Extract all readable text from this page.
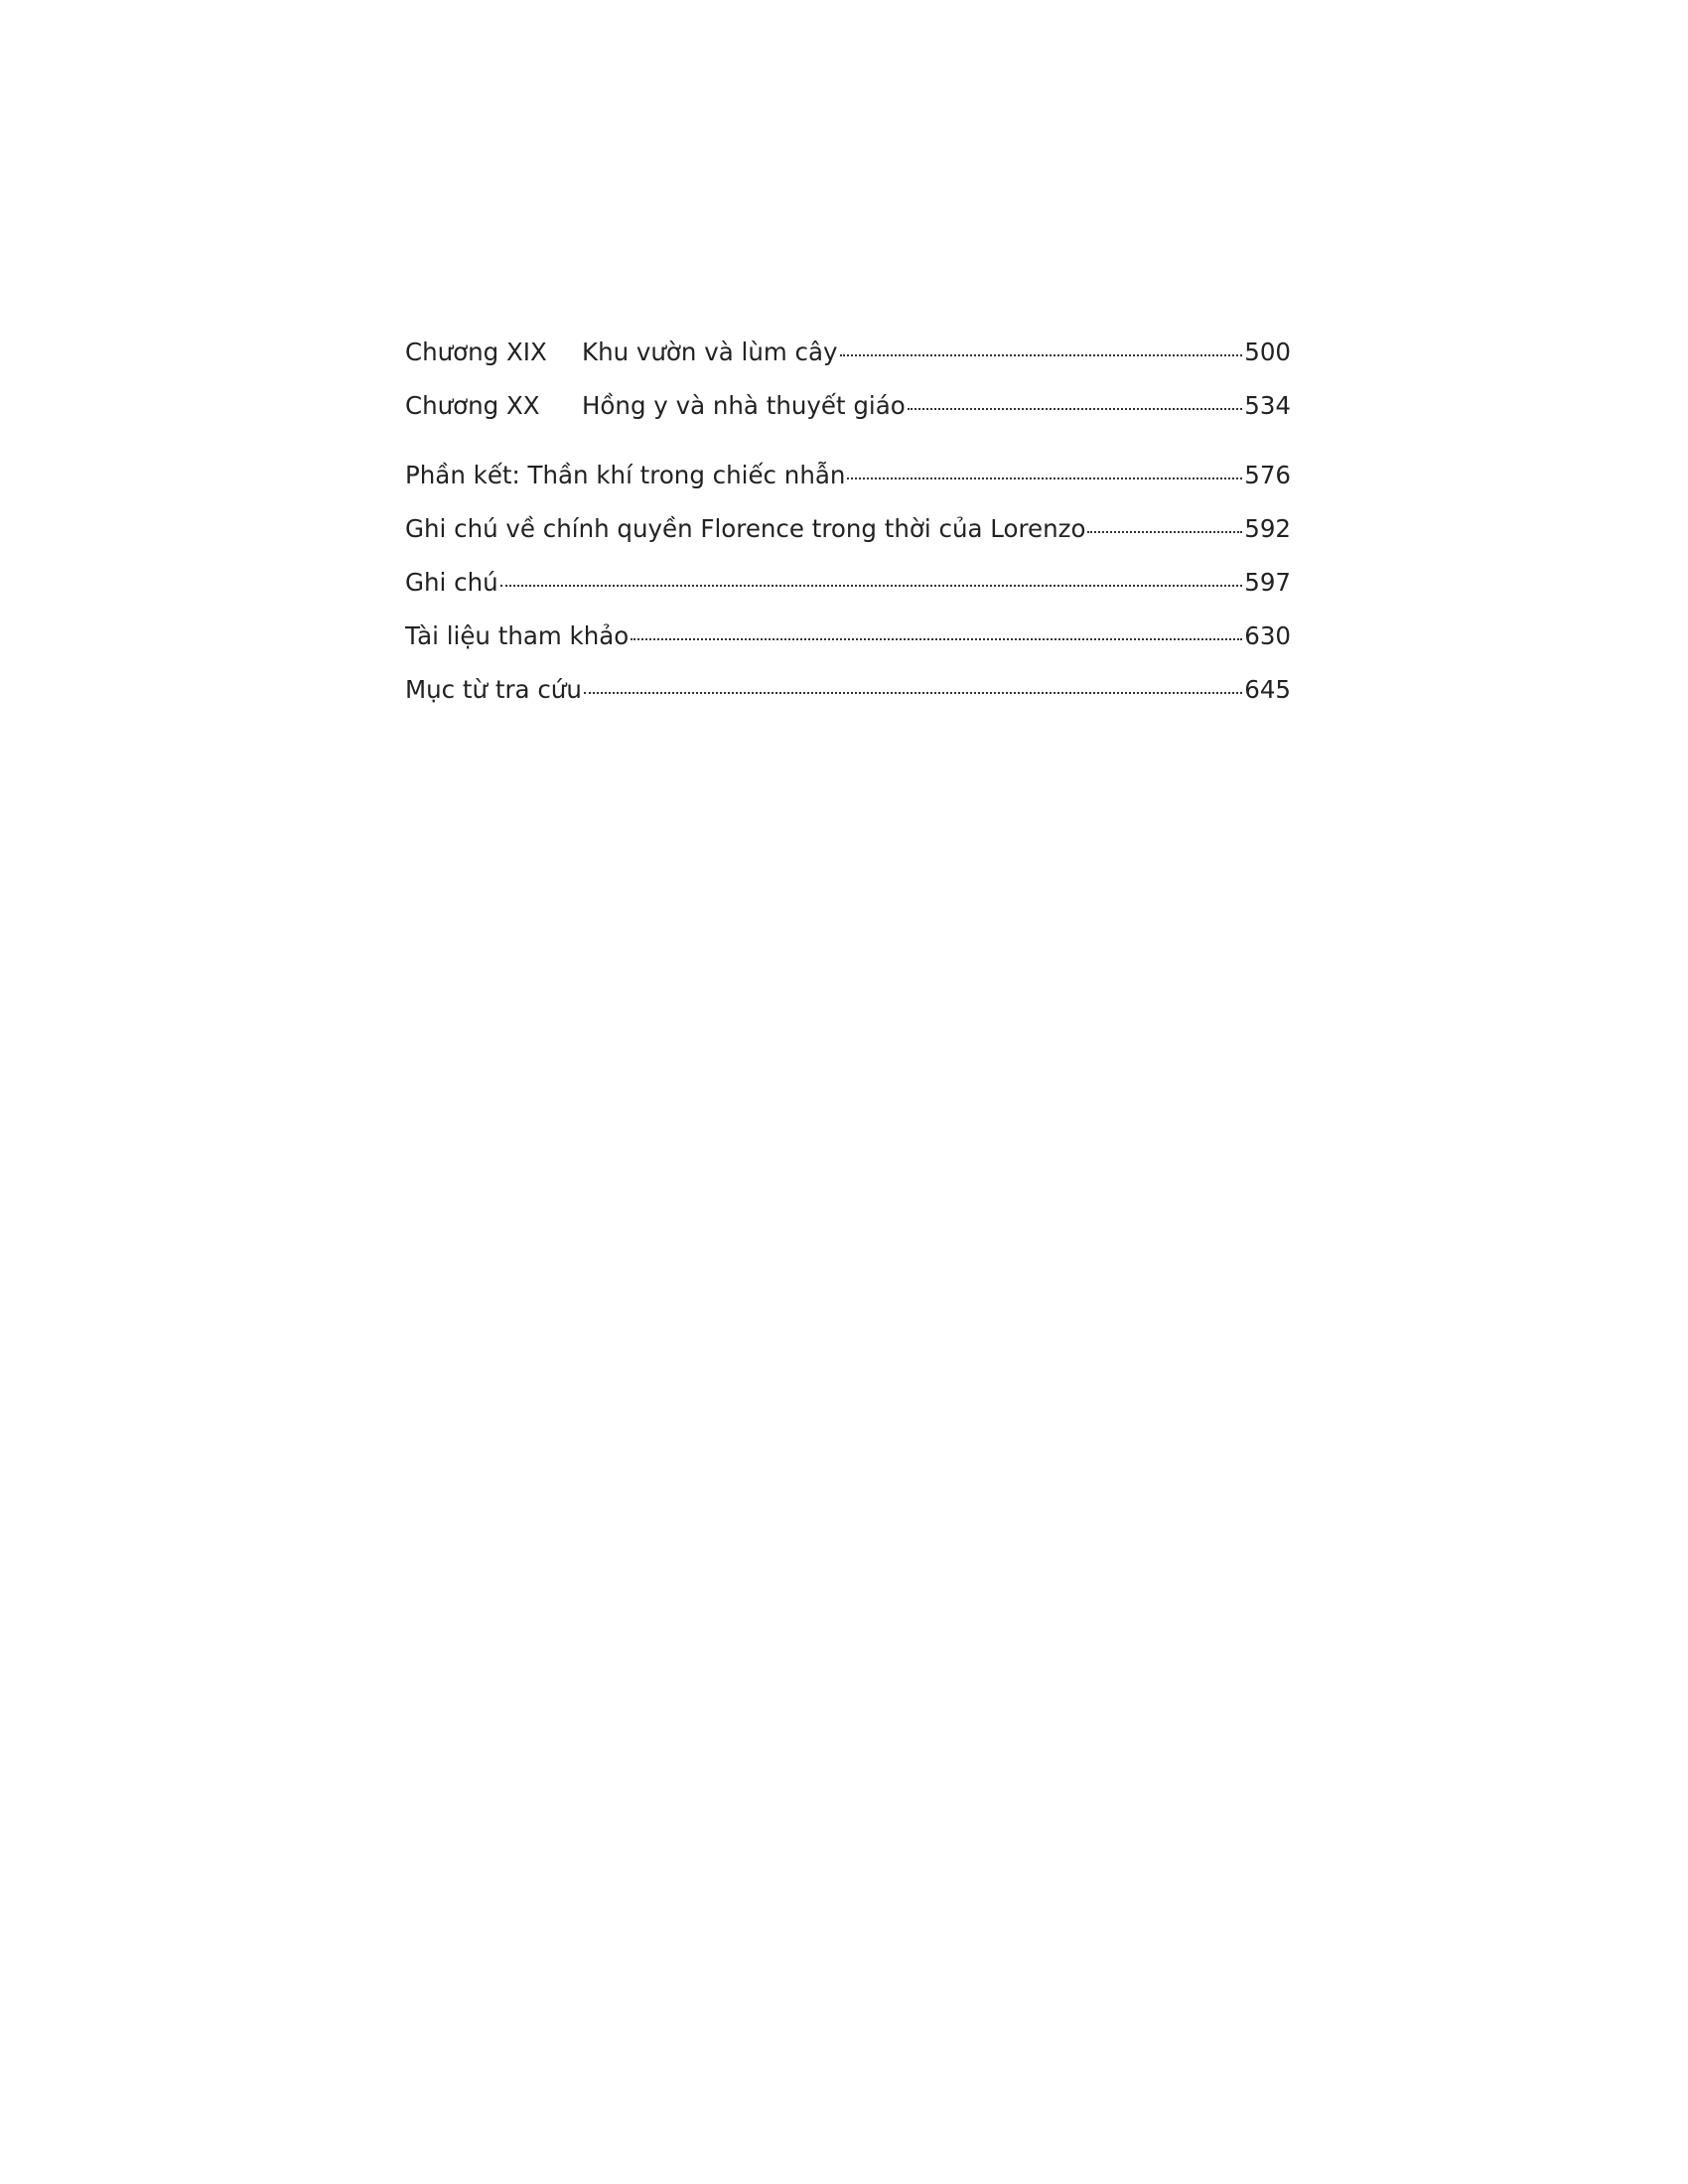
Chương XIX	Khu vườn và lùm cây	500
Chương XX	Hồng y và nhà thuyết giáo	534
Phần kết: Thần khí trong chiếc nhẫn	576
Ghi chú về chính quyền Florence trong thời của Lorenzo	592
Ghi chú	597
Tài liệu tham khảo	630
Mục từ tra cứu	645
